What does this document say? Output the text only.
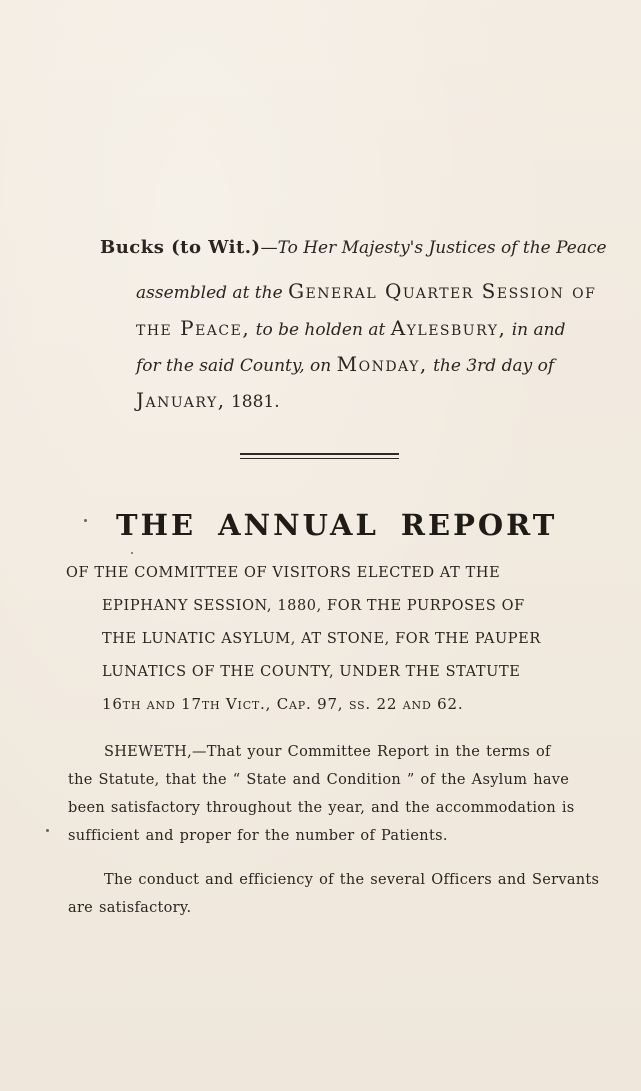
Bucks (to Wit.)—To Her Majesty's Justices of the Peace
assembled at the General Quarter Session of
the Peace, to be holden at Aylesbury, in and
for the said County, on Monday, the 3rd day of
January, 1881.
THE ANNUAL REPORT
OF THE COMMITTEE OF VISITORS ELECTED AT THE
EPIPHANY SESSION, 1880, FOR THE PURPOSES OF
THE LUNATIC ASYLUM, AT STONE, FOR THE PAUPER
LUNATICS OF THE COUNTY, UNDER THE STATUTE
16th and 17th Vict., Cap. 97, ss. 22 and 62.
SHEWETH,—That your Committee Report in the terms of
the Statute, that the “ State and Condition ” of the Asylum have
been satisfactory throughout the year, and the accommodation is
sufficient and proper for the number of Patients.
The conduct and efficiency of the several Officers and Servants
are satisfactory.
